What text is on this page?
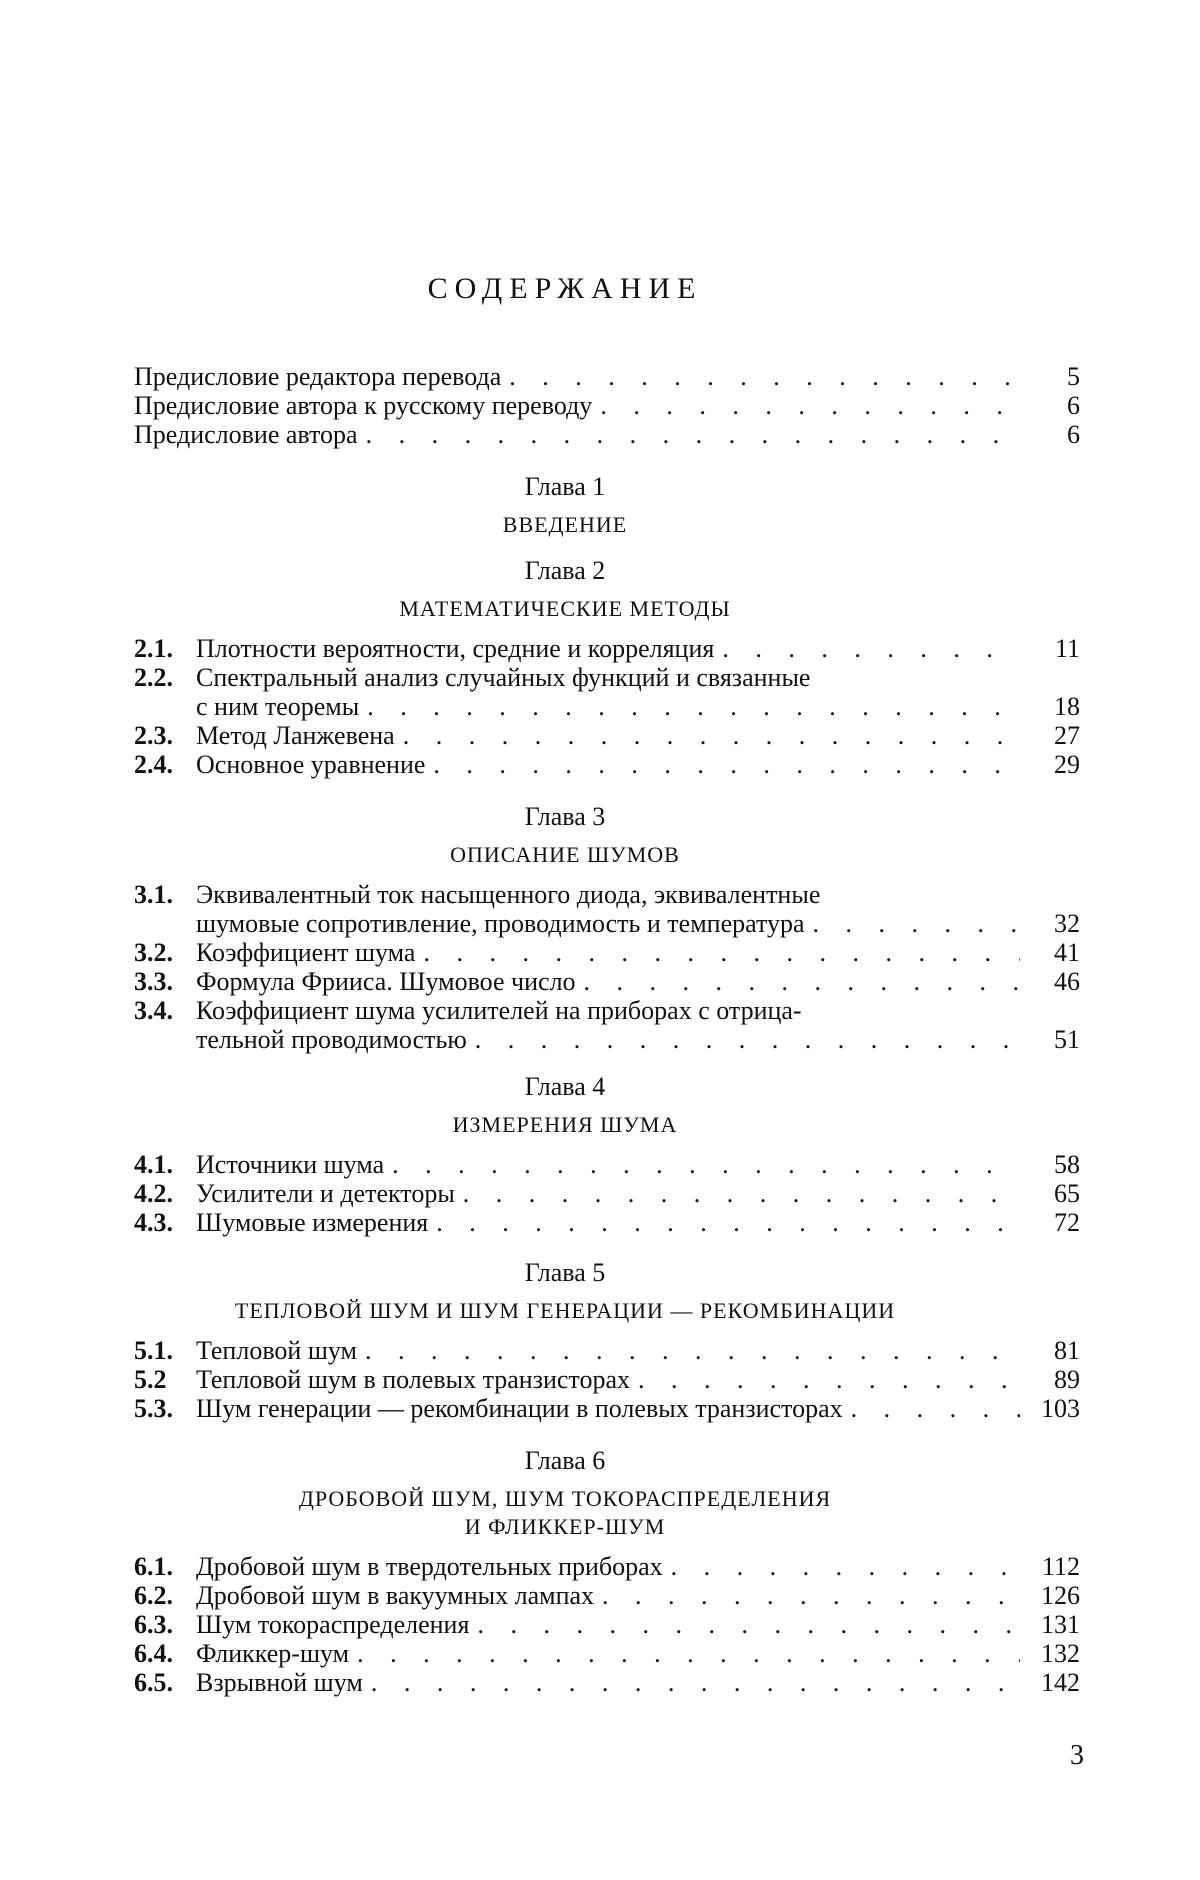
СОДЕРЖАНИЕ
Предисловие редактора перевода . . .	5
Предисловие автора к русскому переводу . . .	6
Предисловие автора . . .	6
Глава 1
ВВЕДЕНИЕ
Глава 2
МАТЕМАТИЧЕСКИЕ МЕТОДЫ
2.1. Плотности вероятности, средние и корреляция . . .	11
2.2. Спектральный анализ случайных функций и связанные
с ним теоремы . . .	18
2.3. Метод Ланжевена . . .	27
2.4. Основное уравнение . . .	29
Глава 3
ОПИСАНИЕ ШУМОВ
3.1. Эквивалентный ток насыщенного диода, эквивалентные
шумовые сопротивление, проводимость и температура . . .	32
3.2. Коэффициент шума . . .	41
3.3. Формула Фрииса. Шумовое число . . .	46
3.4. Коэффициент шума усилителей на приборах с отрица-
тельной проводимостью . . .	51
Глава 4
ИЗМЕРЕНИЯ ШУМА
4.1. Источники шума . . .	58
4.2. Усилители и детекторы . . .	65
4.3. Шумовые измерения . . .	72
Глава 5
ТЕПЛОВОЙ ШУМ И ШУМ ГЕНЕРАЦИИ — РЕКОМБИНАЦИИ
5.1. Тепловой шум . . .	81
5.2	Тепловой шум в полевых транзисторах . . .	89
5.3. Шум генерации — рекомбинации в полевых транзисторах . . .	103
Глава 6
ДРОБОВОЙ ШУМ, ШУМ ТОКОРАСПРЕДЕЛЕНИЯ
И ФЛИККЕР-ШУМ
6.1. Дробовой шум в твердотельных приборах . . .	112
6.2. Дробовой шум в вакуумных лампах . . .	126
6.3. Шум токораспределения . . .	131
6.4. Фликкер-шум . . .	132
6.5. Взрывной шум . . .	142
3
